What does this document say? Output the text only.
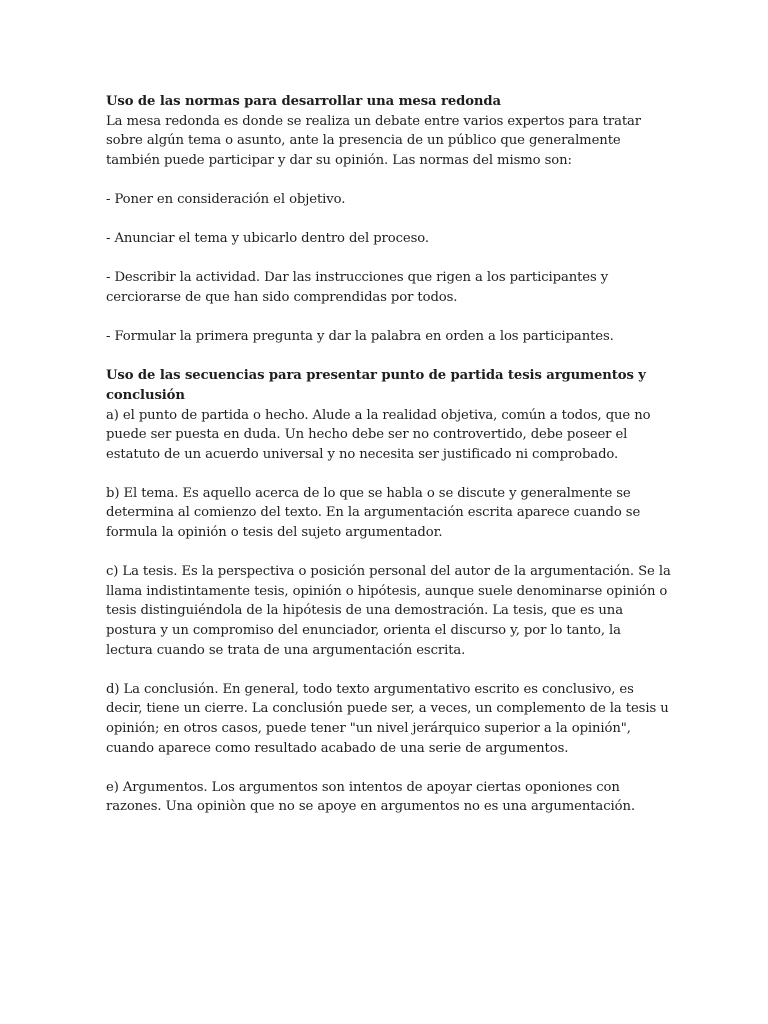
Uso de las normas para desarrollar una mesa redonda

La mesa redonda es donde se realiza un debate entre varios expertos para tratar sobre algún tema o asunto, ante la presencia de un público que generalmente también puede participar y dar su opinión. Las normas del mismo son:

- Poner en consideración el objetivo.

- Anunciar el tema y ubicarlo dentro del proceso.

- Describir la actividad. Dar las instrucciones que rigen a los participantes y cerciorarse de que han sido comprendidas por todos.

- Formular la primera pregunta y dar la palabra en orden a los participantes.

Uso de las secuencias para presentar punto de partida tesis argumentos y conclusión

a) el punto de partida o hecho. Alude a la realidad objetiva, común a todos, que no puede ser puesta en duda. Un hecho debe ser no controvertido, debe poseer el estatuto de un acuerdo universal y no necesita ser justificado ni comprobado.

b) El tema. Es aquello acerca de lo que se habla o se discute y generalmente se determina al comienzo del texto. En la argumentación escrita aparece cuando se formula la opinión o tesis del sujeto argumentador.

c) La tesis. Es la perspectiva o posición personal del autor de la argumentación. Se la llama indistintamente tesis, opinión o hipótesis, aunque suele denominarse opinión o tesis distinguiéndola de la hipótesis de una demostración. La tesis, que es una postura y un compromiso del enunciador, orienta el discurso y, por lo tanto, la lectura cuando se trata de una argumentación escrita.

d) La conclusión. En general, todo texto argumentativo escrito es conclusivo, es decir, tiene un cierre. La conclusión puede ser, a veces, un complemento de la tesis u opinión; en otros casos, puede tener "un nivel jerárquico superior a la opinión", cuando aparece como resultado acabado de una serie de argumentos.

e) Argumentos. Los argumentos son intentos de apoyar ciertas oponiones con razones. Una opiniòn que no se apoye en argumentos no es una argumentación.
